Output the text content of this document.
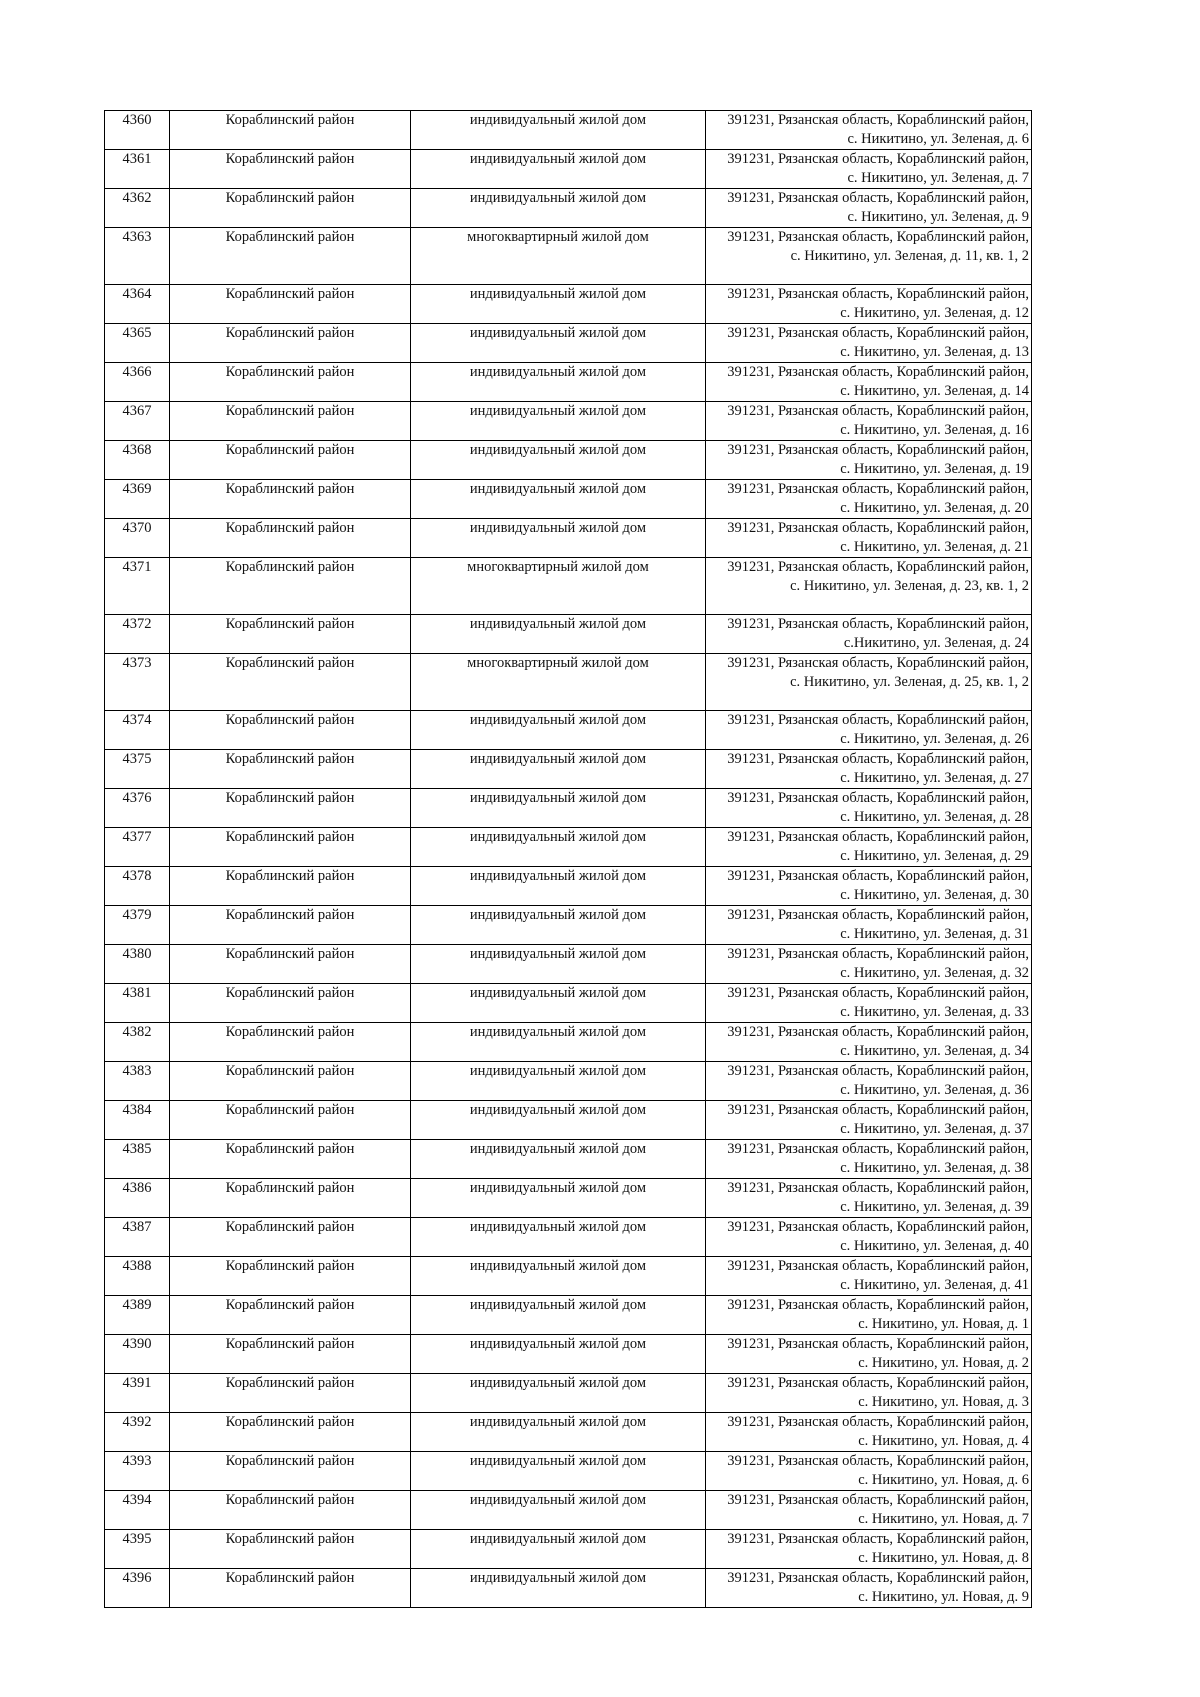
4360	Кораблинский район	индивидуальный жилой дом	391231, Рязанская область, Кораблинский район,
с. Никитино, ул. Зеленая, д. 6

4361	Кораблинский район	индивидуальный жилой дом	391231, Рязанская область, Кораблинский район,
с. Никитино, ул. Зеленая, д. 7

4362	Кораблинский район	индивидуальный жилой дом	391231, Рязанская область, Кораблинский район,
с. Никитино, ул. Зеленая, д. 9

4363	Кораблинский район	многоквартирный жилой дом	391231, Рязанская область, Кораблинский район,
с. Никитино, ул. Зеленая, д. 11, кв. 1, 2

4364	Кораблинский район	индивидуальный жилой дом	391231, Рязанская область, Кораблинский район,
с. Никитино, ул. Зеленая, д. 12

4365	Кораблинский район	индивидуальный жилой дом	391231, Рязанская область, Кораблинский район,
с. Никитино, ул. Зеленая, д. 13

4366	Кораблинский район	индивидуальный жилой дом	391231, Рязанская область, Кораблинский район,
с. Никитино, ул. Зеленая, д. 14

4367	Кораблинский район	индивидуальный жилой дом	391231, Рязанская область, Кораблинский район,
с. Никитино, ул. Зеленая, д. 16

4368	Кораблинский район	индивидуальный жилой дом	391231, Рязанская область, Кораблинский район,
с. Никитино, ул. Зеленая, д. 19

4369	Кораблинский район	индивидуальный жилой дом	391231, Рязанская область, Кораблинский район,
с. Никитино, ул. Зеленая, д. 20

4370	Кораблинский район	индивидуальный жилой дом	391231, Рязанская область, Кораблинский район,
с. Никитино, ул. Зеленая, д. 21

4371	Кораблинский район	многоквартирный жилой дом	391231, Рязанская область, Кораблинский район,
с. Никитино, ул. Зеленая, д. 23, кв. 1, 2

4372	Кораблинский район	индивидуальный жилой дом	391231, Рязанская область, Кораблинский район,
с.Никитино, ул. Зеленая, д. 24

4373	Кораблинский район	многоквартирный жилой дом	391231, Рязанская область, Кораблинский район,
с. Никитино, ул. Зеленая, д. 25, кв. 1, 2

4374	Кораблинский район	индивидуальный жилой дом	391231, Рязанская область, Кораблинский район,
с. Никитино, ул. Зеленая, д. 26

4375	Кораблинский район	индивидуальный жилой дом	391231, Рязанская область, Кораблинский район,
с. Никитино, ул. Зеленая, д. 27

4376	Кораблинский район	индивидуальный жилой дом	391231, Рязанская область, Кораблинский район,
с. Никитино, ул. Зеленая, д. 28

4377	Кораблинский район	индивидуальный жилой дом	391231, Рязанская область, Кораблинский район,
с. Никитино, ул. Зеленая, д. 29

4378	Кораблинский район	индивидуальный жилой дом	391231, Рязанская область, Кораблинский район,
с. Никитино, ул. Зеленая, д. 30

4379	Кораблинский район	индивидуальный жилой дом	391231, Рязанская область, Кораблинский район,
с. Никитино, ул. Зеленая, д. 31

4380	Кораблинский район	индивидуальный жилой дом	391231, Рязанская область, Кораблинский район,
с. Никитино, ул. Зеленая, д. 32

4381	Кораблинский район	индивидуальный жилой дом	391231, Рязанская область, Кораблинский район,
с. Никитино, ул. Зеленая, д. 33

4382	Кораблинский район	индивидуальный жилой дом	391231, Рязанская область, Кораблинский район,
с. Никитино, ул. Зеленая, д. 34

4383	Кораблинский район	индивидуальный жилой дом	391231, Рязанская область, Кораблинский район,
с. Никитино, ул. Зеленая, д. 36

4384	Кораблинский район	индивидуальный жилой дом	391231, Рязанская область, Кораблинский район,
с. Никитино, ул. Зеленая, д. 37

4385	Кораблинский район	индивидуальный жилой дом	391231, Рязанская область, Кораблинский район,
с. Никитино, ул. Зеленая, д. 38

4386	Кораблинский район	индивидуальный жилой дом	391231, Рязанская область, Кораблинский район,
с. Никитино, ул. Зеленая, д. 39

4387	Кораблинский район	индивидуальный жилой дом	391231, Рязанская область, Кораблинский район,
с. Никитино, ул. Зеленая, д. 40

4388	Кораблинский район	индивидуальный жилой дом	391231, Рязанская область, Кораблинский район,
с. Никитино, ул. Зеленая, д. 41

4389	Кораблинский район	индивидуальный жилой дом	391231, Рязанская область, Кораблинский район,
с. Никитино, ул. Новая, д. 1

4390	Кораблинский район	индивидуальный жилой дом	391231, Рязанская область, Кораблинский район,
с. Никитино, ул. Новая, д. 2

4391	Кораблинский район	индивидуальный жилой дом	391231, Рязанская область, Кораблинский район,
с. Никитино, ул. Новая, д. 3

4392	Кораблинский район	индивидуальный жилой дом	391231, Рязанская область, Кораблинский район,
с. Никитино, ул. Новая, д. 4

4393	Кораблинский район	индивидуальный жилой дом	391231, Рязанская область, Кораблинский район,
с. Никитино, ул. Новая, д. 6

4394	Кораблинский район	индивидуальный жилой дом	391231, Рязанская область, Кораблинский район,
с. Никитино, ул. Новая, д. 7

4395	Кораблинский район	индивидуальный жилой дом	391231, Рязанская область, Кораблинский район,
с. Никитино, ул. Новая, д. 8

4396	Кораблинский район	индивидуальный жилой дом	391231, Рязанская область, Кораблинский район,
с. Никитино, ул. Новая, д. 9
